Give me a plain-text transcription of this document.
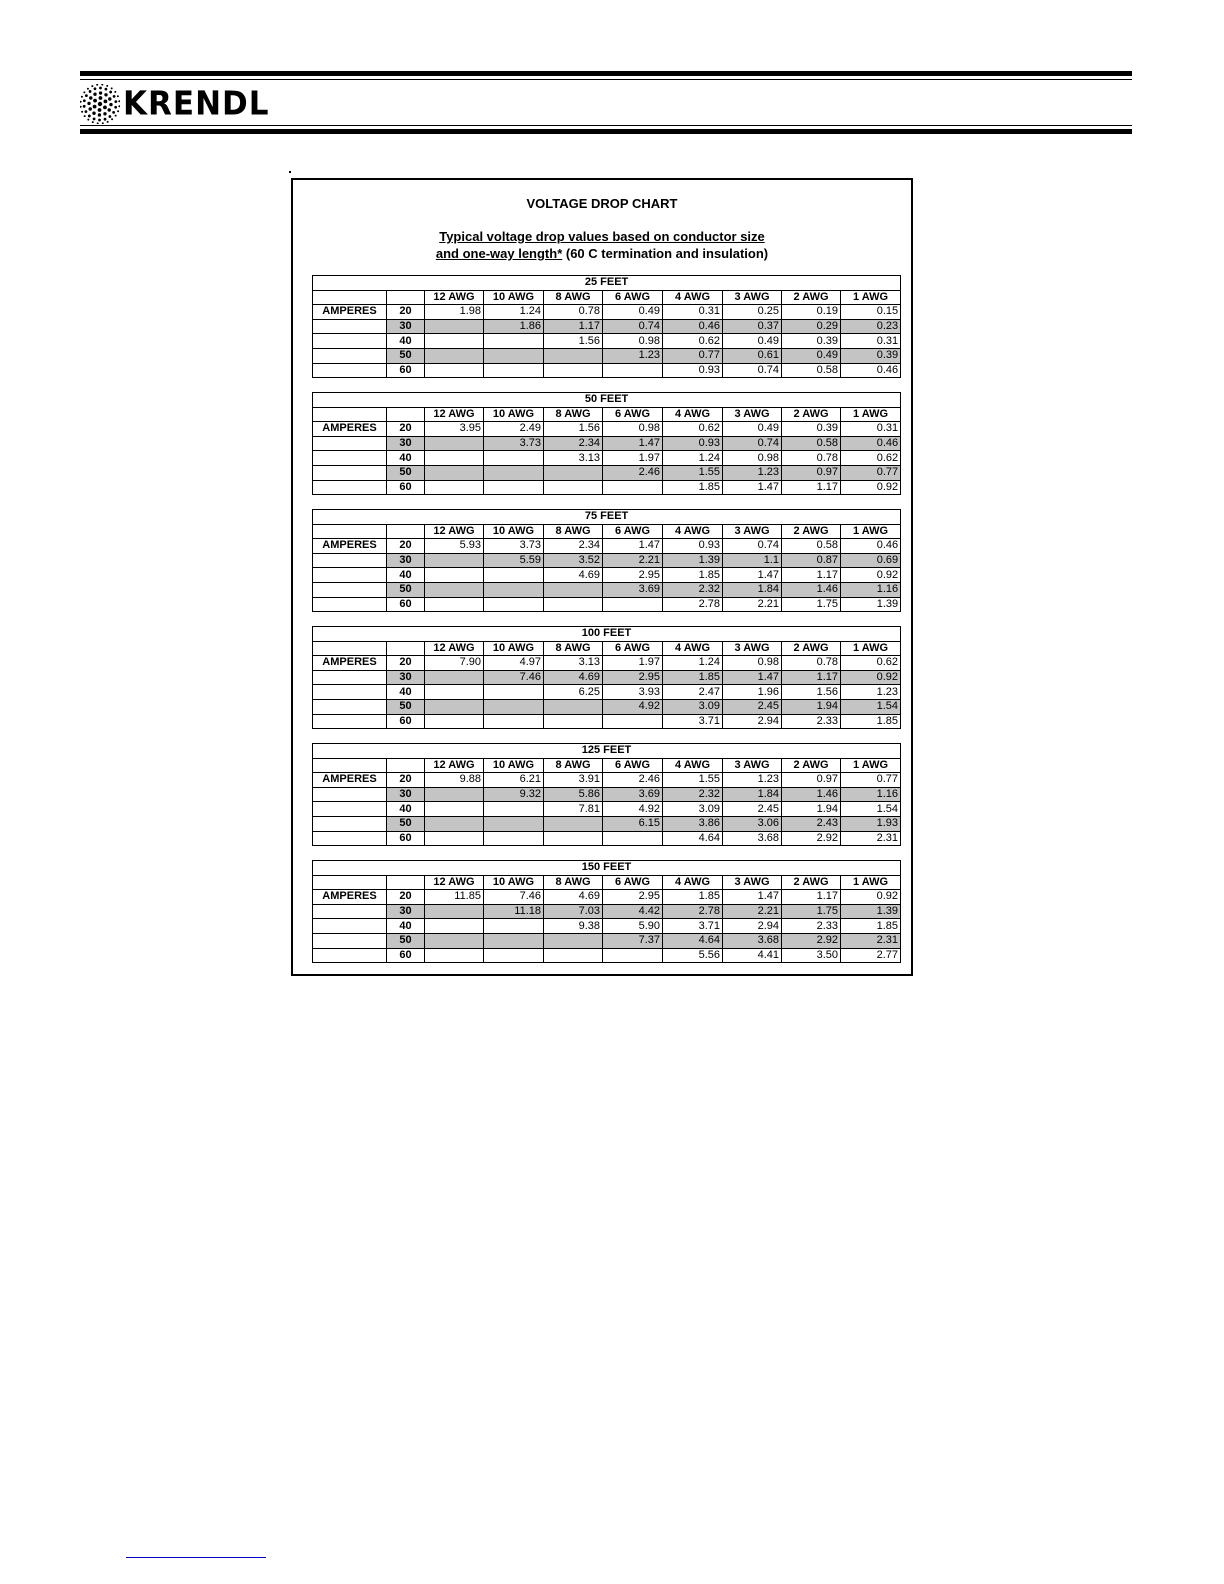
KRENDL
VOLTAGE DROP CHART
Typical voltage drop values based on conductor size
and one-way length* (60 C termination and insulation)
25 FEET									
		12 AWG	10 AWG	8 AWG	6 AWG	4 AWG	3 AWG	2 AWG	1 AWG
AMPERES	20	1.98	1.24	0.78	0.49	0.31	0.25	0.19	0.15
	30		1.86	1.17	0.74	0.46	0.37	0.29	0.23
	40			1.56	0.98	0.62	0.49	0.39	0.31
	50				1.23	0.77	0.61	0.49	0.39
	60					0.93	0.74	0.58	0.46
50 FEET									
		12 AWG	10 AWG	8 AWG	6 AWG	4 AWG	3 AWG	2 AWG	1 AWG
AMPERES	20	3.95	2.49	1.56	0.98	0.62	0.49	0.39	0.31
	30		3.73	2.34	1.47	0.93	0.74	0.58	0.46
	40			3.13	1.97	1.24	0.98	0.78	0.62
	50				2.46	1.55	1.23	0.97	0.77
	60					1.85	1.47	1.17	0.92
75 FEET									
		12 AWG	10 AWG	8 AWG	6 AWG	4 AWG	3 AWG	2 AWG	1 AWG
AMPERES	20	5.93	3.73	2.34	1.47	0.93	0.74	0.58	0.46
	30		5.59	3.52	2.21	1.39	1.1	0.87	0.69
	40			4.69	2.95	1.85	1.47	1.17	0.92
	50				3.69	2.32	1.84	1.46	1.16
	60					2.78	2.21	1.75	1.39
100 FEET									
		12 AWG	10 AWG	8 AWG	6 AWG	4 AWG	3 AWG	2 AWG	1 AWG
AMPERES	20	7.90	4.97	3.13	1.97	1.24	0.98	0.78	0.62
	30		7.46	4.69	2.95	1.85	1.47	1.17	0.92
	40			6.25	3.93	2.47	1.96	1.56	1.23
	50				4.92	3.09	2.45	1.94	1.54
	60					3.71	2.94	2.33	1.85
125 FEET									
		12 AWG	10 AWG	8 AWG	6 AWG	4 AWG	3 AWG	2 AWG	1 AWG
AMPERES	20	9.88	6.21	3.91	2.46	1.55	1.23	0.97	0.77
	30		9.32	5.86	3.69	2.32	1.84	1.46	1.16
	40			7.81	4.92	3.09	2.45	1.94	1.54
	50				6.15	3.86	3.06	2.43	1.93
	60					4.64	3.68	2.92	2.31
150 FEET									
		12 AWG	10 AWG	8 AWG	6 AWG	4 AWG	3 AWG	2 AWG	1 AWG
AMPERES	20	11.85	7.46	4.69	2.95	1.85	1.47	1.17	0.92
	30		11.18	7.03	4.42	2.78	2.21	1.75	1.39
	40			9.38	5.90	3.71	2.94	2.33	1.85
	50				7.37	4.64	3.68	2.92	2.31
	60					5.56	4.41	3.50	2.77
